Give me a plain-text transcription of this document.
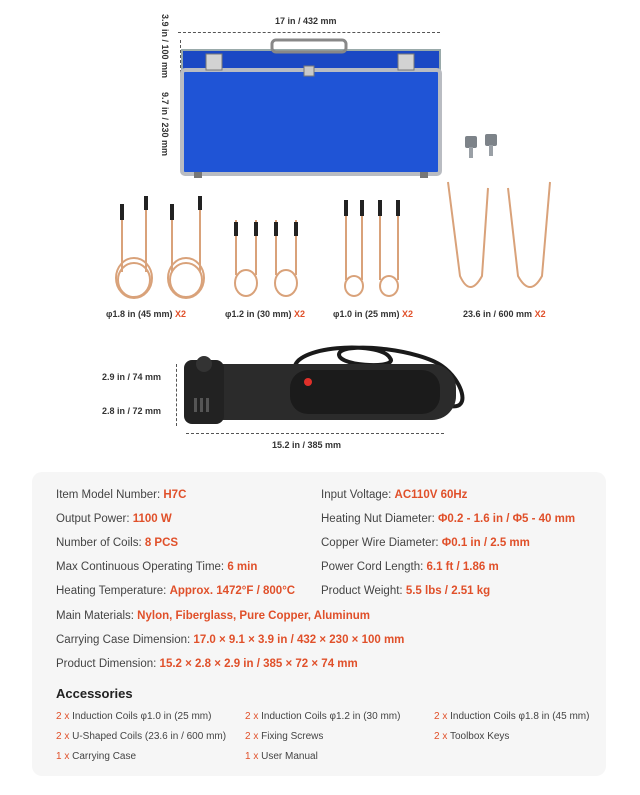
17 in / 432 mm
3.9 in / 100 mm
9.7 in / 230 mm
φ1.8 in (45 mm) X2	φ1.2 in (30 mm) X2	φ1.0 in (25 mm) X2	23.6 in / 600 mm X2
2.9 in / 74 mm
2.8 in / 72 mm
15.2 in / 385 mm
Item Model Number: H7C	Input Voltage: AC110V 60Hz
Output Power: 1100 W	Heating Nut Diameter: Φ0.2 - 1.6 in / Φ5 - 40 mm
Number of Coils: 8 PCS	Copper Wire Diameter: Φ0.1 in / 2.5 mm
Max Continuous Operating Time: 6 min	Power Cord Length: 6.1 ft / 1.86 m
Heating Temperature: Approx. 1472°F / 800°C Product Weight: 5.5 lbs / 2.51 kg
Main Materials: Nylon, Fiberglass, Pure Copper, Aluminum
Carrying Case Dimension: 17.0 × 9.1 × 3.9 in / 432 × 230 × 100 mm
Product Dimension: 15.2 × 2.8 × 2.9 in / 385 × 72 × 74 mm
Accessories
2 x Induction Coils φ1.0 in (25 mm)	2 x Induction Coils φ1.2 in (30 mm)	2 x Induction Coils φ1.8 in (45 mm)
2 x U-Shaped Coils (23.6 in / 600 mm) 2 x Fixing Screws	2 x Toolbox Keys
1 x Carrying Case	1 x User Manual
